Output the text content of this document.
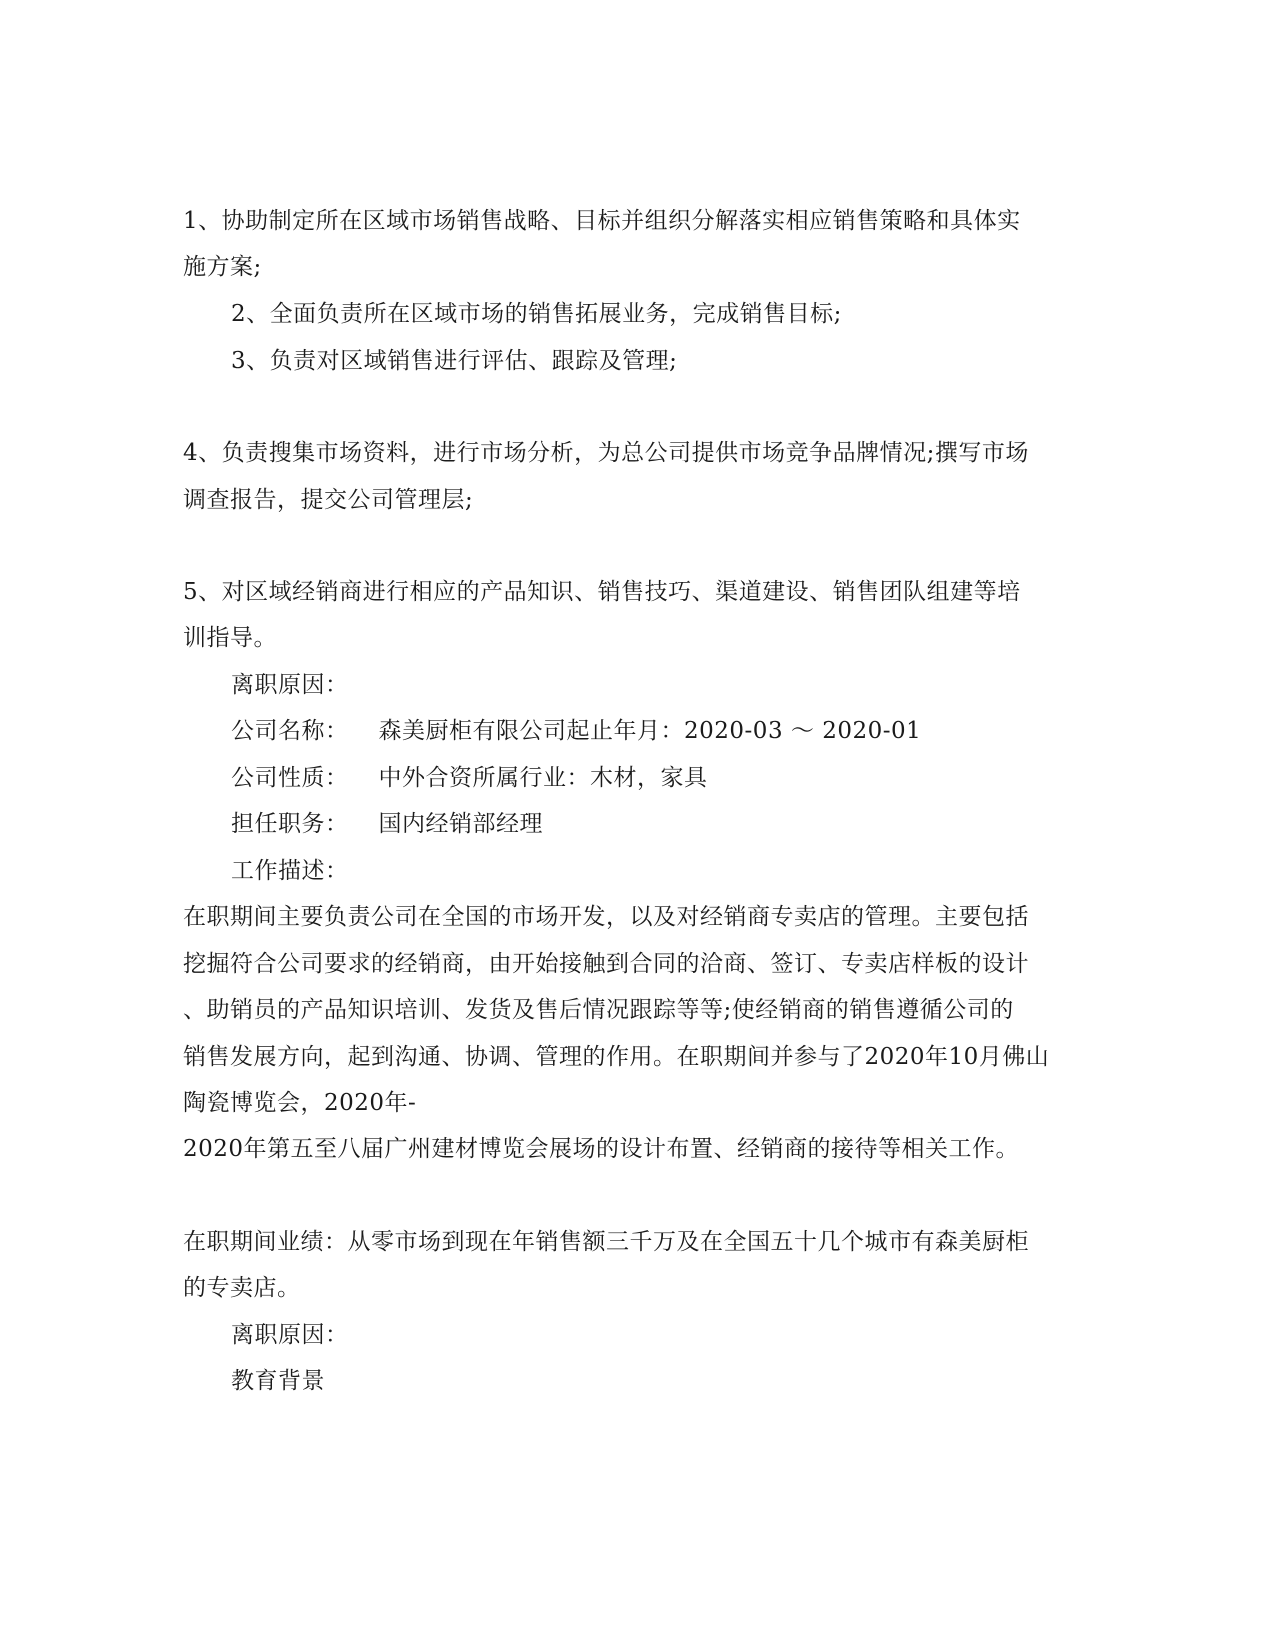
1、协助制定所在区域市场销售战略、目标并组织分解落实相应销售策略和具体实
施方案;
2、全面负责所在区域市场的销售拓展业务，完成销售目标;
3、负责对区域销售进行评估、跟踪及管理;
4、负责搜集市场资料，进行市场分析，为总公司提供市场竞争品牌情况;撰写市场
调查报告，提交公司管理层;
5、对区域经销商进行相应的产品知识、销售技巧、渠道建设、销售团队组建等培
训指导。
离职原因：
公司名称： 森美厨柜有限公司起止年月：2020-03 ～ 2020-01
公司性质： 中外合资所属行业：木材，家具
担任职务： 国内经销部经理
工作描述：
在职期间主要负责公司在全国的市场开发，以及对经销商专卖店的管理。主要包括
挖掘符合公司要求的经销商，由开始接触到合同的洽商、签订、专卖店样板的设计
、助销员的产品知识培训、发货及售后情况跟踪等等;使经销商的销售遵循公司的
销售发展方向，起到沟通、协调、管理的作用。在职期间并参与了2020年10月佛山
陶瓷博览会，2020年-
2020年第五至八届广州建材博览会展场的设计布置、经销商的接待等相关工作。
在职期间业绩：从零市场到现在年销售额三千万及在全国五十几个城市有森美厨柜
的专卖店。
离职原因：
教育背景
